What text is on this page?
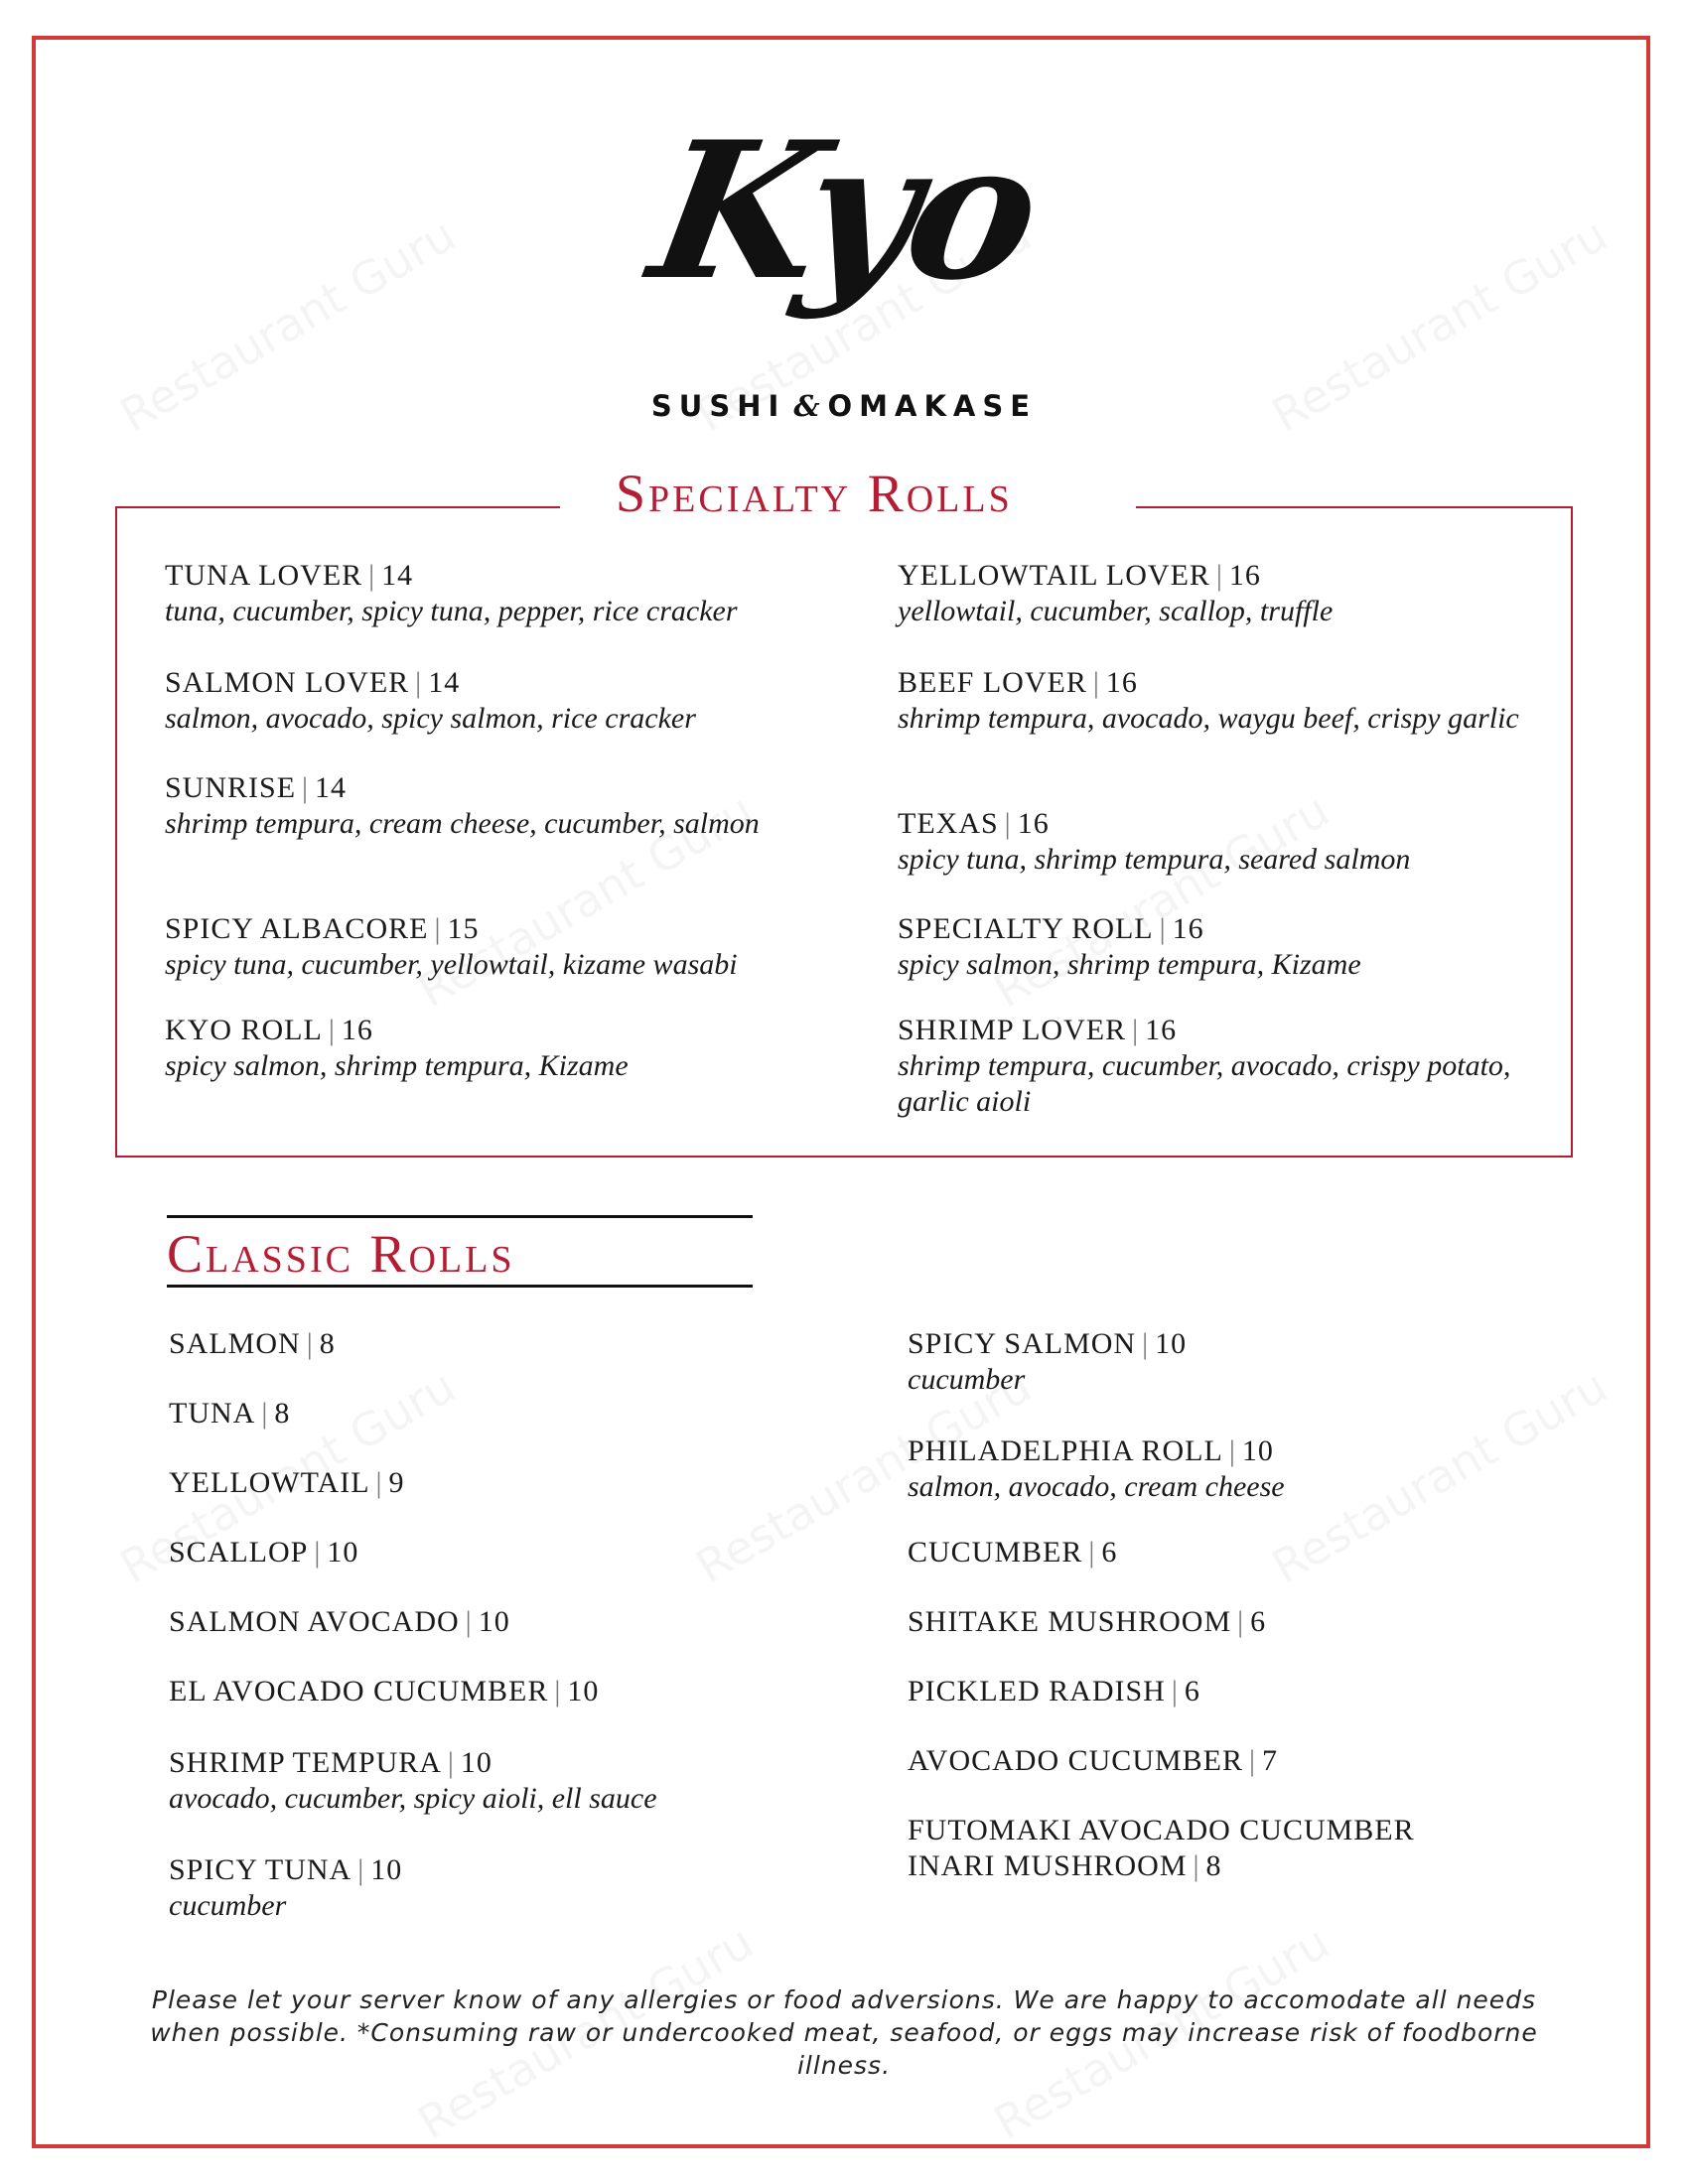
Kyo
SUSHI & OMAKASE
Specialty Rolls
TUNA LOVER | 14
tuna, cucumber, spicy tuna, pepper, rice cracker
SALMON LOVER | 14
salmon, avocado, spicy salmon, rice cracker
SUNRISE | 14
shrimp tempura, cream cheese, cucumber, salmon
SPICY ALBACORE | 15
spicy tuna, cucumber, yellowtail, kizame wasabi
KYO ROLL | 16
spicy salmon, shrimp tempura, Kizame
YELLOWTAIL LOVER | 16
yellowtail, cucumber, scallop, truffle
BEEF LOVER | 16
shrimp tempura, avocado, waygu beef, crispy garlic
TEXAS | 16
spicy tuna, shrimp tempura, seared salmon
SPECIALTY ROLL | 16
spicy salmon, shrimp tempura, Kizame
SHRIMP LOVER | 16
shrimp tempura, cucumber, avocado, crispy potato, garlic aioli
Classic Rolls
SALMON | 8
TUNA | 8
YELLOWTAIL | 9
SCALLOP | 10
SALMON AVOCADO | 10
EL AVOCADO CUCUMBER | 10
SHRIMP TEMPURA | 10
avocado, cucumber, spicy aioli, ell sauce
SPICY TUNA | 10
cucumber
SPICY SALMON | 10
cucumber
PHILADELPHIA ROLL | 10
salmon, avocado, cream cheese
CUCUMBER | 6
SHITAKE MUSHROOM | 6
PICKLED RADISH | 6
AVOCADO CUCUMBER | 7
FUTOMAKI AVOCADO CUCUMBER INARI MUSHROOM | 8
Please let your server know of any allergies or food adversions. We are happy to accomodate all needs when possible. *Consuming raw or undercooked meat, seafood, or eggs may increase risk of foodborne illness.
